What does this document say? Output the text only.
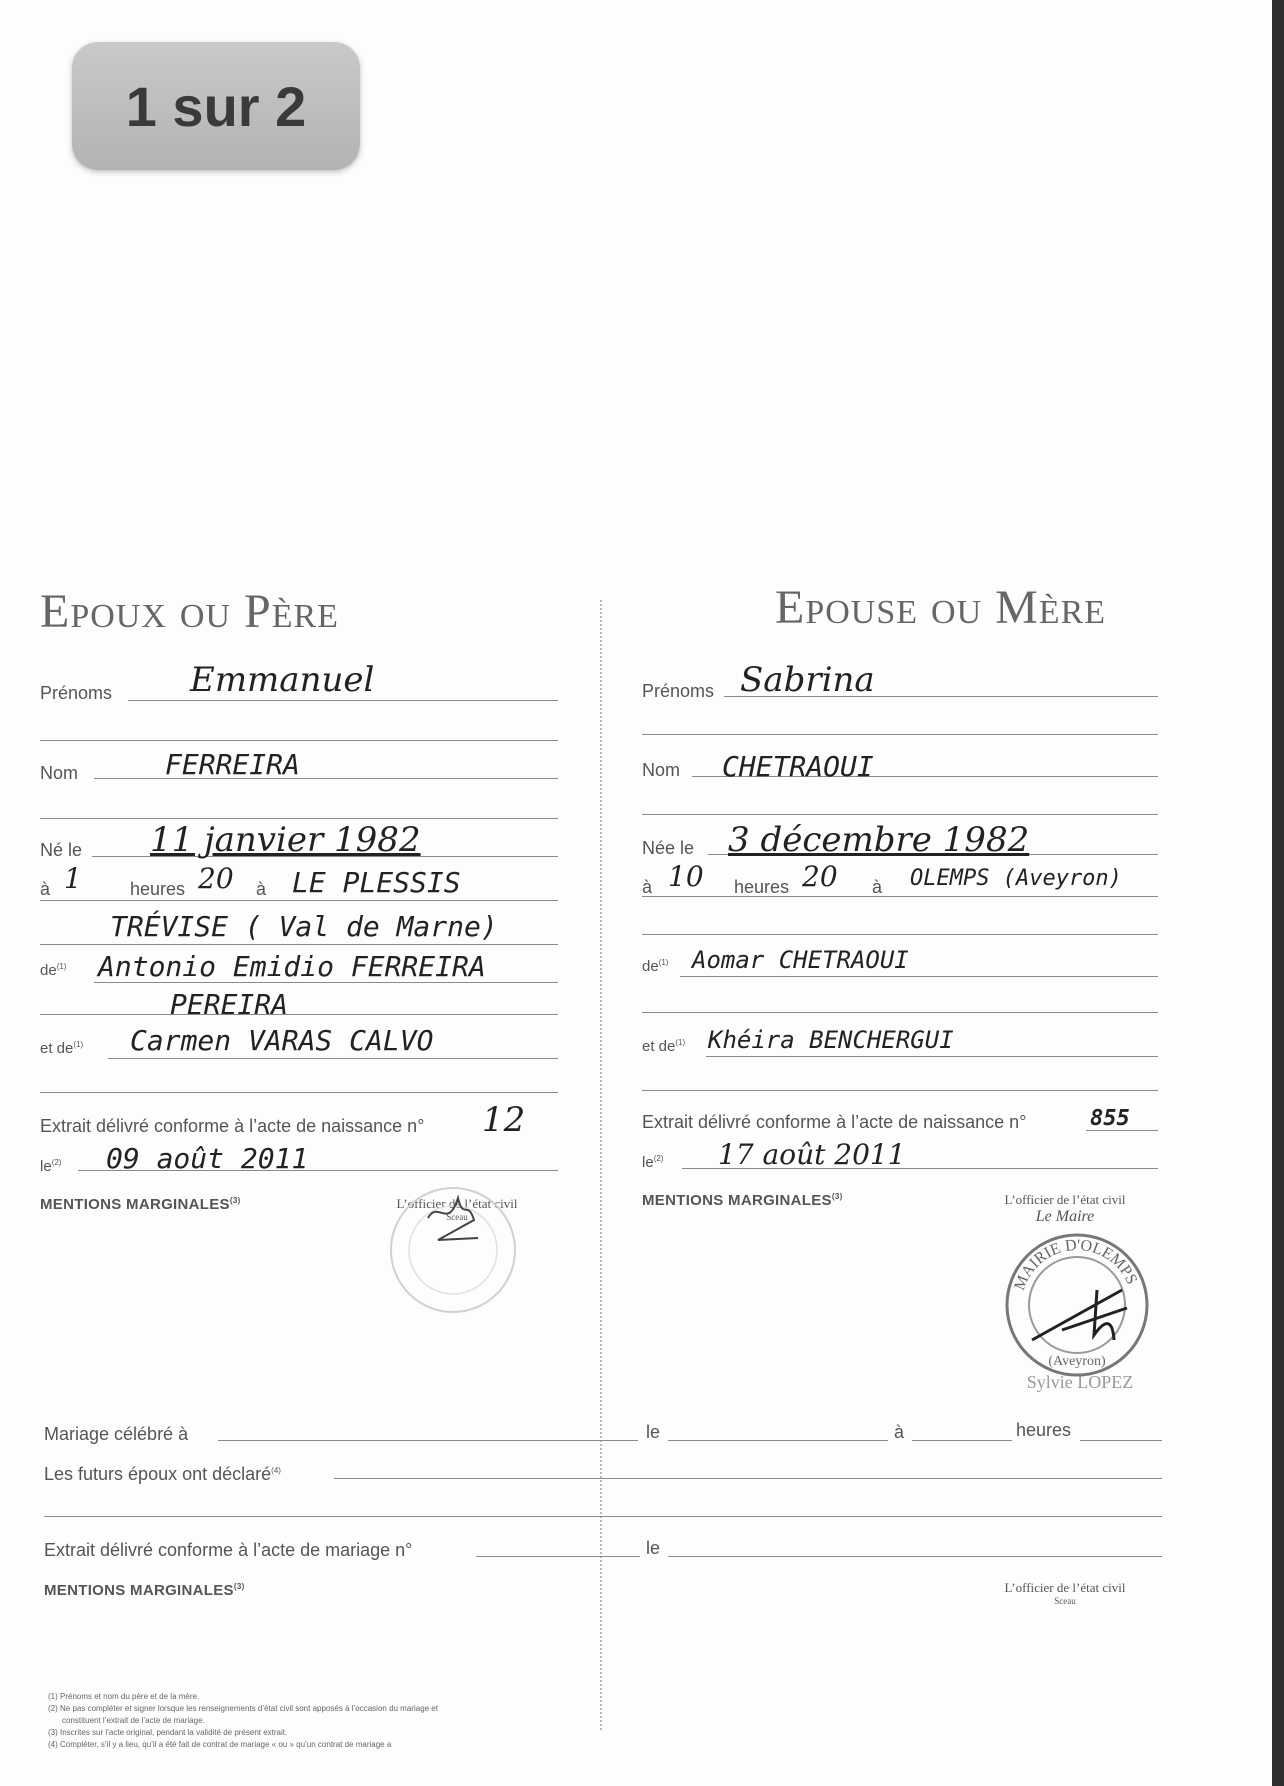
1 sur 2
Epoux ou Père
Prénoms Emmanuel
Nom	FERREIRA
Né le 11 janvier 1982
à 1	heures 20 à LE PLESSIS
TRÉVISE ( Val de Marne)
$de^{(1)}$ Antonio Emidio FERREIRA
PEREIRA
et $de^{(1)}$ Carmen VARAS CALVO
Extrait délivré conforme à l’acte de naissance n° 12
$le^{(2)}$ 09 août 2011
MENTIONS MARGINALES$^{(3)}$	L’officier de l’état civil
Sceau
Epouse ou Mère
Prénoms Sabrina
Nom CHETRAOUI
Née le 3 décembre 1982
à 10 heures 20 à OLEMPS (Aveyron)
$de^{(1)}$ Aomar CHETRAOUI
et $de^{(1)}$ Khéira BENCHERGUI
Extrait délivré conforme à l’acte de naissance n°	855
$le^{(2)}$ 17 août 2011
MENTIONS MARGINALES$^{(3)}$	L’officier de l’état civil
Le Maire
MAIRIE D'OLEMPS
(Aveyron)
Sylvie LOPEZ
Mariage célébré à	le	à	heures
Les futurs époux ont déclaré$^{(4)}$
Extrait délivré conforme à l’acte de mariage n°	le
MENTIONS MARGINALES$^{(3)}$	L’officier de l’état civil
Sceau
(1) Prénoms et nom du père et de la mère.
(2) Ne pas compléter et signer lorsque les renseignements d’état civil sont apposés à l’occasion du mariage et
constituent l’extrait de l’acte de mariage.
(3) Inscrites sur l’acte original, pendant la validité de présent extrait.
(4) Compléter, s’il y a lieu, qu’il a été fait de contrat de mariage « ou » qu’un contrat de mariage a
